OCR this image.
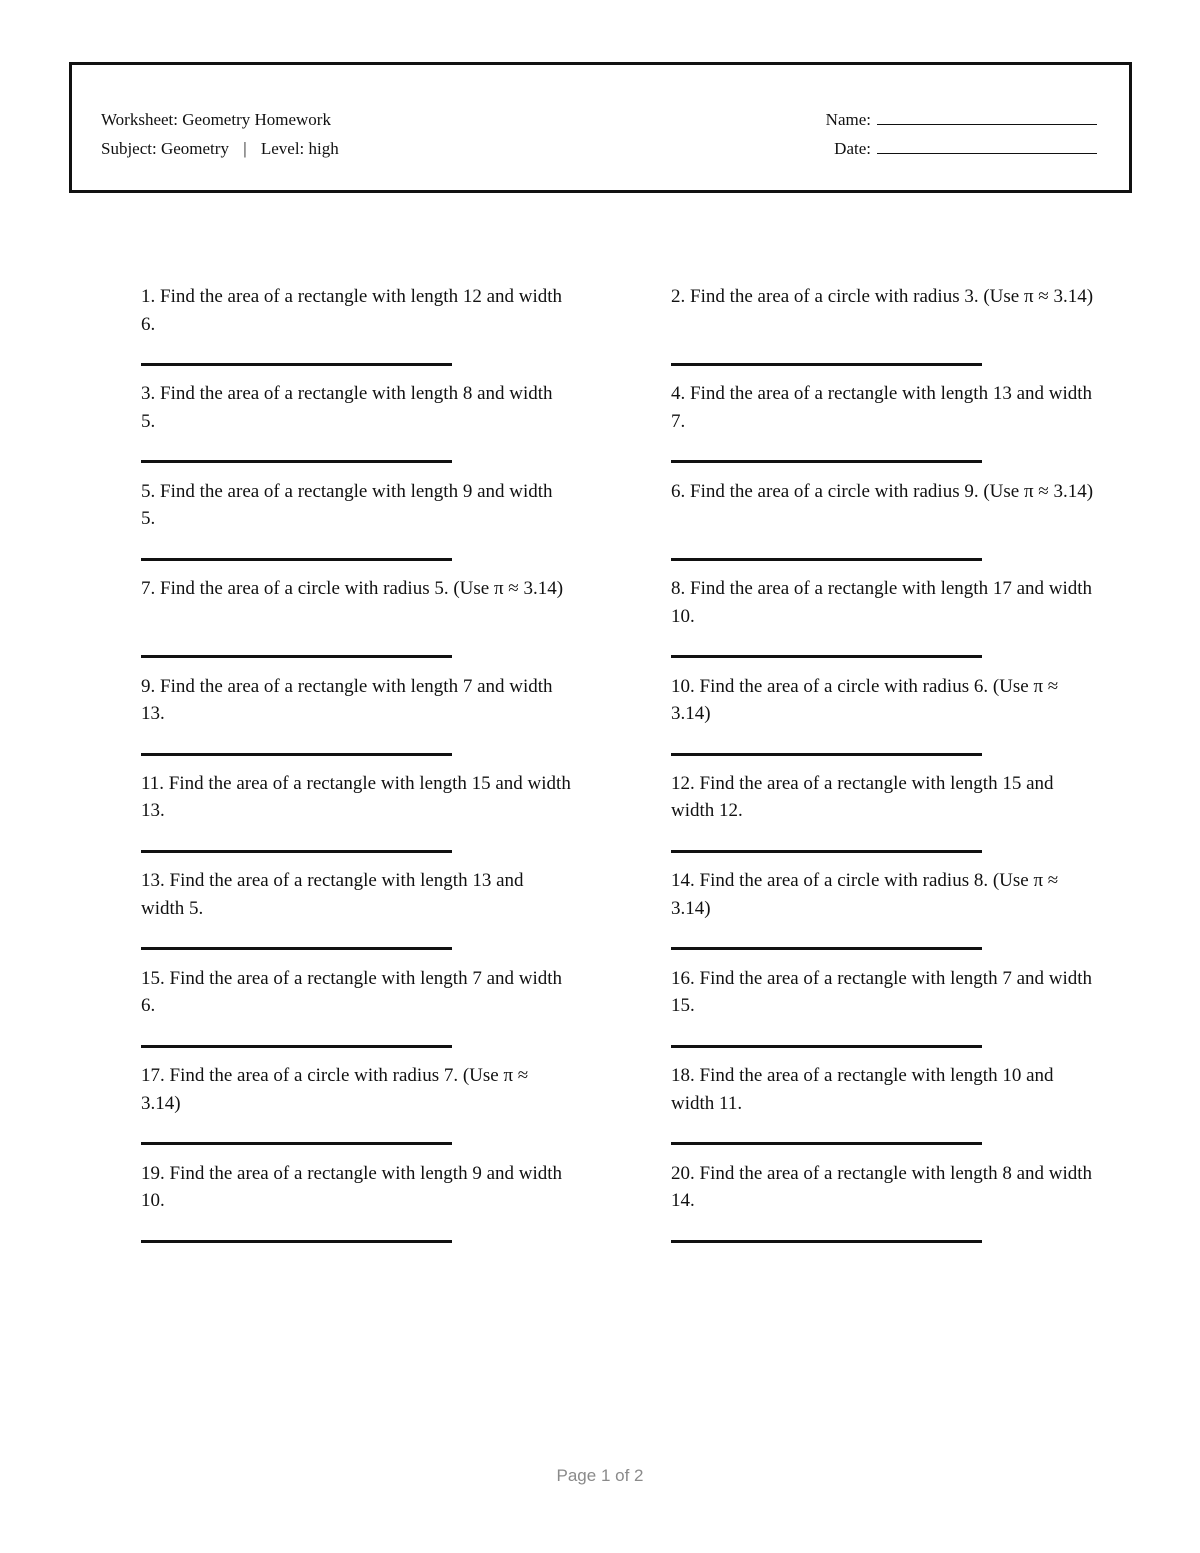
Worksheet: Geometry Homework
Subject: Geometry | Level: high
Name:
Date:
1. Find the area of a rectangle with length 12 and width 6.
2. Find the area of a circle with radius 3. (Use π ≈ 3.14)
3. Find the area of a rectangle with length 8 and width 5.
4. Find the area of a rectangle with length 13 and width 7.
5. Find the area of a rectangle with length 9 and width 5.
6. Find the area of a circle with radius 9. (Use π ≈ 3.14)
7. Find the area of a circle with radius 5. (Use π ≈ 3.14)	8. Find the area of a rectangle with length 17 and width 10.
9. Find the area of a rectangle with length 7 and width 13.
10. Find the area of a circle with radius 6. (Use π ≈ 3.14)
11. Find the area of a rectangle with length 15 and width 13.
12. Find the area of a rectangle with length 15 and width 12.
13. Find the area of a rectangle with length 13 and width 5.
14. Find the area of a circle with radius 8. (Use π ≈ 3.14)
15. Find the area of a rectangle with length 7 and width 6.
16. Find the area of a rectangle with length 7 and width 15.
17. Find the area of a circle with radius 7. (Use π ≈ 3.14)
18. Find the area of a rectangle with length 10 and width 11.
19. Find the area of a rectangle with length 9 and width 10.
20. Find the area of a rectangle with length 8 and width 14.
Page 1 of 2
